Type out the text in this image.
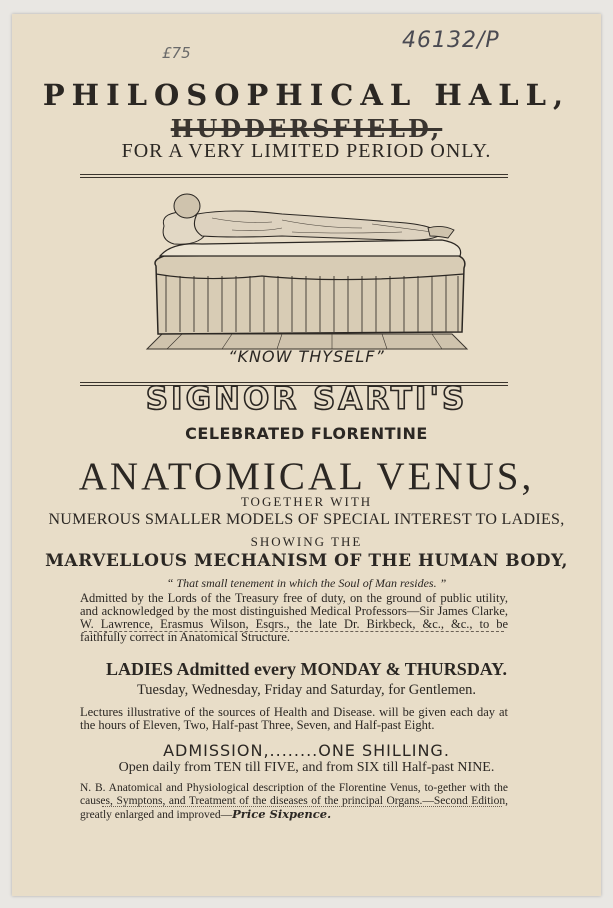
46132/P
£75
PHILOSOPHICAL HALL,
HUDDERSFIELD,
FOR A VERY LIMITED PERIOD ONLY.
“KNOW THYSELF”
SIGNOR SARTI'S
CELEBRATED FLORENTINE
ANATOMICAL VENUS,
TOGETHER WITH
NUMEROUS SMALLER MODELS OF SPECIAL INTEREST TO LADIES,
SHOWING THE
MARVELLOUS MECHANISM OF THE HUMAN BODY,
“ That small tenement in which the Soul of Man resides. ”
Admitted by the Lords of the Treasury free of duty, on the ground of public utility, and acknowledged by the most distinguished Medical Professors—Sir James Clarke, W. Lawrence, Erasmus Wilson, Esqrs., the late Dr. Birkbeck, &c., &c., to be faithfully correct in Anatomical Structure.
LADIES Admitted every MONDAY & THURSDAY.
Tuesday, Wednesday, Friday and Saturday, for Gentlemen.
Lectures illustrative of the sources of Health and Disease. will be given each day at the hours of Eleven, Two, Half-past Three, Seven, and Half-past Eight.
ADMISSION,........ONE SHILLING.
Open daily from TEN till FIVE, and from SIX till Half-past NINE.
N. B. Anatomical and Physiological description of the Florentine Venus, to-gether with the causes, Symptons, and Treatment of the diseases of the principal Organs.—Second Edition, greatly enlarged and improved—Price Sixpence.
